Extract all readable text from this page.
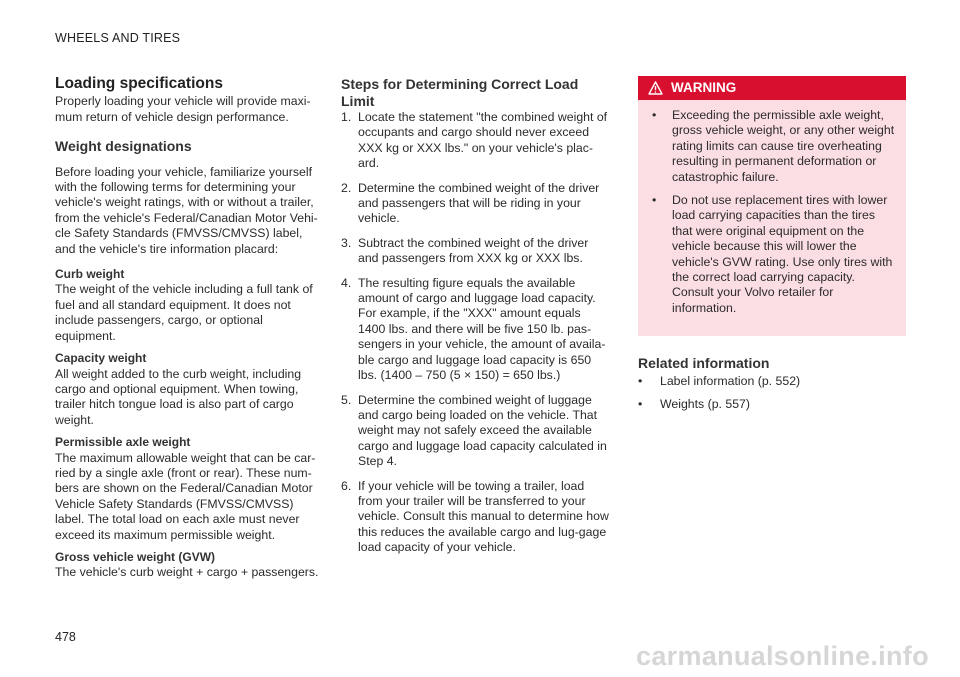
WHEELS AND TIRES
Loading specifications

Properly loading your vehicle will provide maxi-mum return of vehicle design performance.

Weight designations

Before loading your vehicle, familiarize yourself with the following terms for determining your vehicle's weight ratings, with or without a trailer, from the vehicle's Federal/Canadian Motor Vehi-cle Safety Standards (FMVSS/CMVSS) label, and the vehicle's tire information placard:

Curb weight

The weight of the vehicle including a full tank of fuel and all standard equipment. It does not include passengers, cargo, or optional equipment.

Capacity weight

All weight added to the curb weight, including cargo and optional equipment. When towing, trailer hitch tongue load is also part of cargo weight.

Permissible axle weight

The maximum allowable weight that can be car-ried by a single axle (front or rear). These num-bers are shown on the Federal/Canadian Motor Vehicle Safety Standards (FMVSS/CMVSS) label. The total load on each axle must never exceed its maximum permissible weight.

Gross vehicle weight (GVW)

The vehicle's curb weight + cargo + passengers.

Steps for Determining Correct Load Limit
1. Locate the statement "the combined weight of occupants and cargo should never exceed XXX kg or XXX lbs." on your vehicle's plac-ard.
2. Determine the combined weight of the driver and passengers that will be riding in your vehicle.
3. Subtract the combined weight of the driver and passengers from XXX kg or XXX lbs.
4. The resulting figure equals the available amount of cargo and luggage load capacity. For example, if the "XXX" amount equals 1400 lbs. and there will be five 150 lb. pas-sengers in your vehicle, the amount of availa-ble cargo and luggage load capacity is 650 lbs. (1400 – 750 (5 × 150) = 650 lbs.)
5. Determine the combined weight of luggage and cargo being loaded on the vehicle. That weight may not safely exceed the available cargo and luggage load capacity calculated in Step 4.
6. If your vehicle will be towing a trailer, load from your trailer will be transferred to your vehicle. Consult this manual to determine how this reduces the available cargo and lug-gage load capacity of your vehicle.
WARNING
• Exceeding the permissible axle weight, gross vehicle weight, or any other weight rating limits can cause tire overheating resulting in permanent deformation or catastrophic failure.
• Do not use replacement tires with lower load carrying capacities than the tires that were original equipment on the vehicle because this will lower the vehicle's GVW rating. Use only tires with the correct load carrying capacity. Consult your Volvo retailer for information.
Related information
• Label information (p. 552)
• Weights (p. 557)
478
carmanualsonline.info
